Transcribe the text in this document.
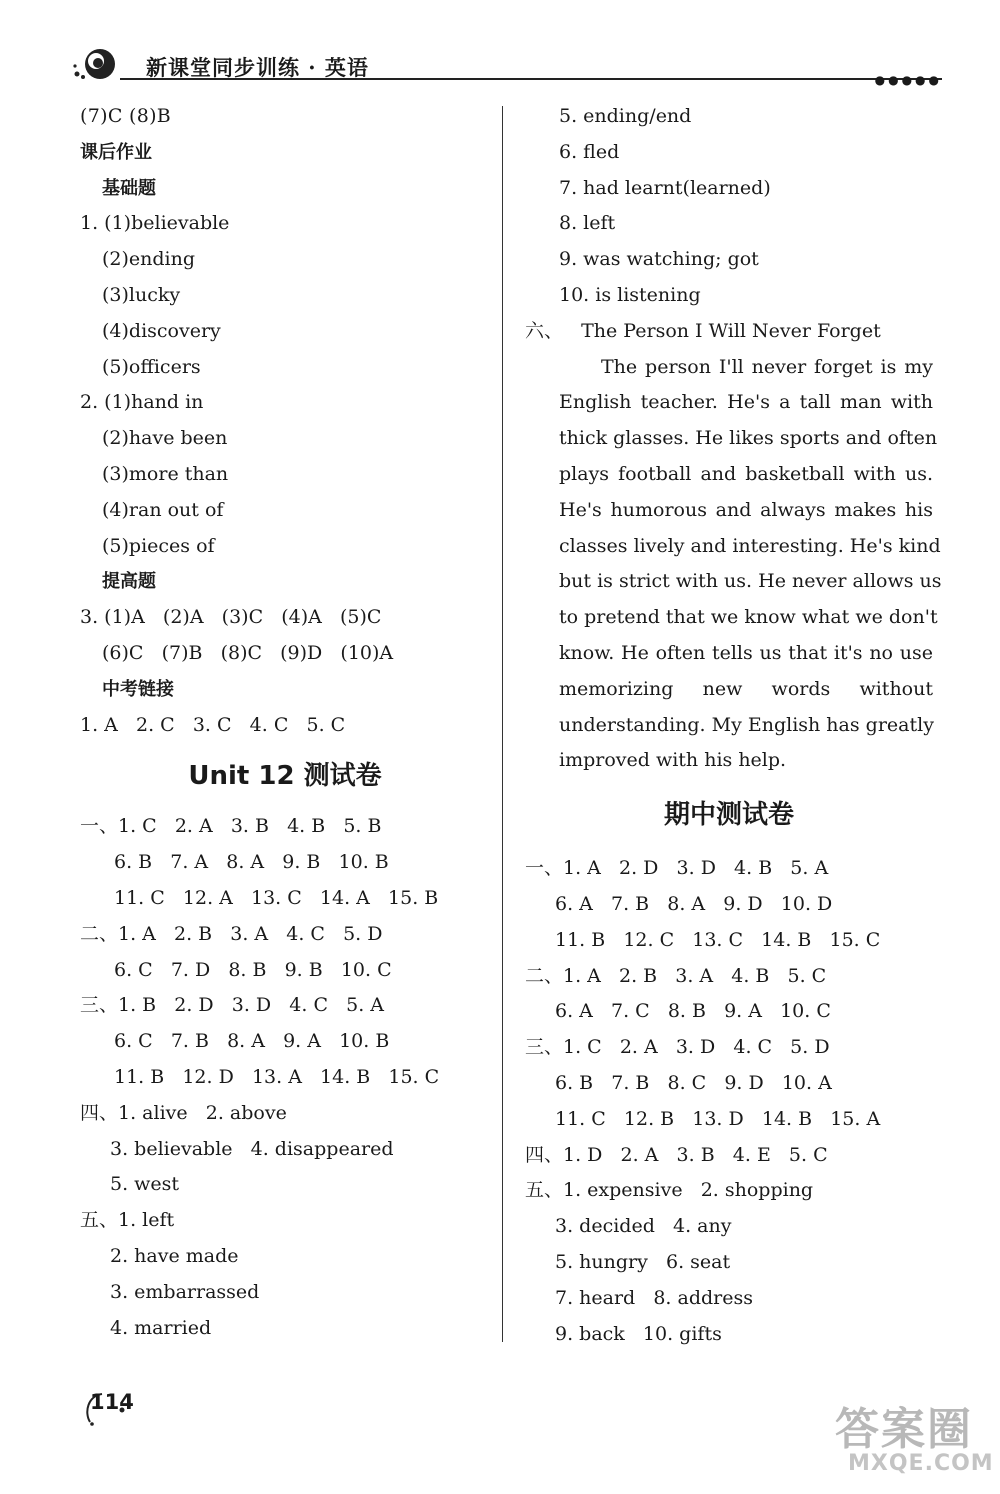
新课堂同步训练 · 英语	●●●●●
(7)C (8)B
课后作业
基础题
1. (1)believable
(2)ending
(3)lucky
(4)discovery
(5)officers
2. (1)hand in
(2)have been
(3)more than
(4)ran out of
(5)pieces of
提高题
3. (1)A   (2)A   (3)C   (4)A   (5)C
(6)C   (7)B   (8)C   (9)D   (10)A
中考链接
1. A   2. C   3. C   4. C   5. C
Unit 12 测试卷
一、1. C   2. A   3. B   4. B   5. B
6. B   7. A   8. A   9. B   10. B
11. C   12. A   13. C   14. A   15. B
二、1. A   2. B   3. A   4. C   5. D
6. C   7. D   8. B   9. B   10. C
三、1. B   2. D   3. D   4. C   5. A
6. C   7. B   8. A   9. A   10. B
11. B   12. D   13. A   14. B   15. C
四、1. alive   2. above
3. believable   4. disappeared
5. west
五、1. left
2. have made
3. embarrassed
4. married
5. ending/end
6. fled
7. had learnt(learned)
8. left
9. was watching; got
10. is listening
六、   The Person I Will Never Forget
The person I'll never forget is my
English teacher. He's a tall man with
thick glasses. He likes sports and often
plays football and basketball with us.
He's humorous and always makes his
classes lively and interesting. He's kind
but is strict with us. He never allows us
to pretend that we know what we don't
know. He often tells us that it's no use
memorizing new words without
understanding. My English has greatly
improved with his help.
期中测试卷
一、1. A   2. D   3. D   4. B   5. A
6. A   7. B   8. A   9. D   10. D
11. B   12. C   13. C   14. B   15. C
二、1. A   2. B   3. A   4. B   5. C
6. A   7. C   8. B   9. A   10. C
三、1. C   2. A   3. D   4. C   5. D
6. B   7. B   8. C   9. D   10. A
11. C   12. B   13. D   14. B   15. A
四、1. D   2. A   3. B   4. E   5. C
五、1. expensive   2. shopping
3. decided   4. any
5. hungry   6. seat
7. heard   8. address
9. back   10. gifts
114
答案圈
MXQE.COM
